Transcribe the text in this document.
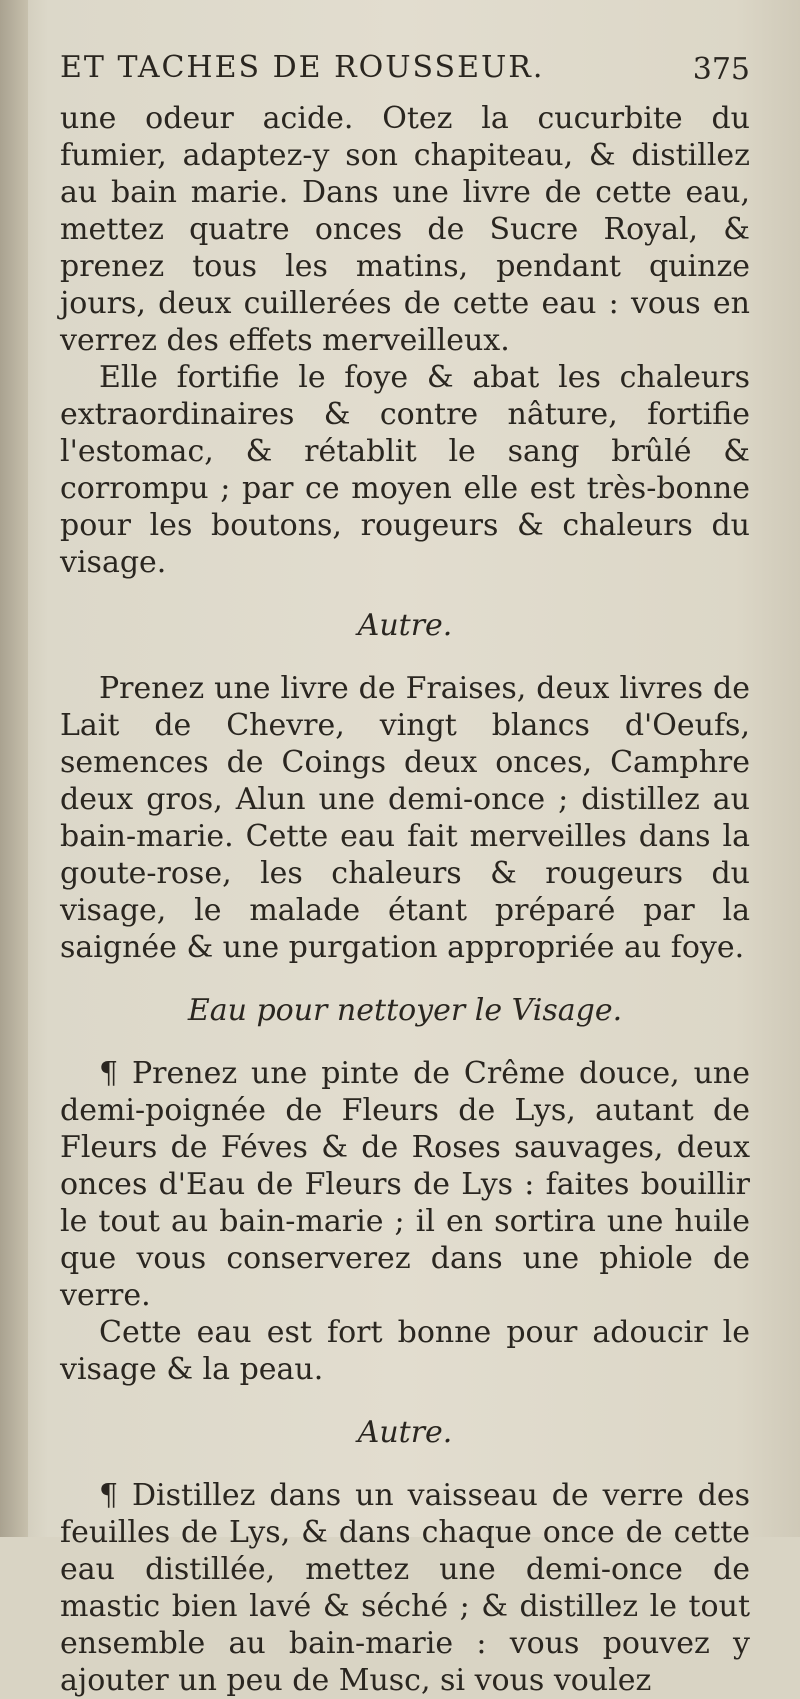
ET TACHES DE ROUSSEUR.	375

une odeur acide. Otez la cucurbite du fumier, adaptez-y son chapiteau, & distillez au bain marie. Dans une livre de cette eau, mettez quatre onces de Sucre Royal, & prenez tous les matins, pendant quinze jours, deux cuillerées de cette eau : vous en verrez des effets merveilleux.

Elle fortifie le foye & abat les chaleurs extraordinaires & contre nâture, fortifie l'estomac, & rétablit le sang brûlé & corrompu ; par ce moyen elle est très-bonne pour les boutons, rougeurs & chaleurs du visage.

Autre.

Prenez une livre de Fraises, deux livres de Lait de Chevre, vingt blancs d'Oeufs, semences de Coings deux onces, Camphre deux gros, Alun une demi-once ; distillez au bain-marie. Cette eau fait merveilles dans la goute-rose, les chaleurs & rougeurs du visage, le malade étant préparé par la saignée & une purgation appropriée au foye.

Eau pour nettoyer le Visage.

¶ Prenez une pinte de Crême douce, une demi-poignée de Fleurs de Lys, autant de Fleurs de Féves & de Roses sauvages, deux onces d'Eau de Fleurs de Lys : faites bouillir le tout au bain-marie ; il en sortira une huile que vous conserverez dans une phiole de verre.

Cette eau est fort bonne pour adoucir le visage & la peau.

Autre.

¶ Distillez dans un vaisseau de verre des feuilles de Lys, & dans chaque once de cette eau distillée, mettez une demi-once de mastic bien lavé & séché ; & distillez le tout ensemble au bain-marie : vous pouvez y ajouter un peu de Musc, si vous voulez
